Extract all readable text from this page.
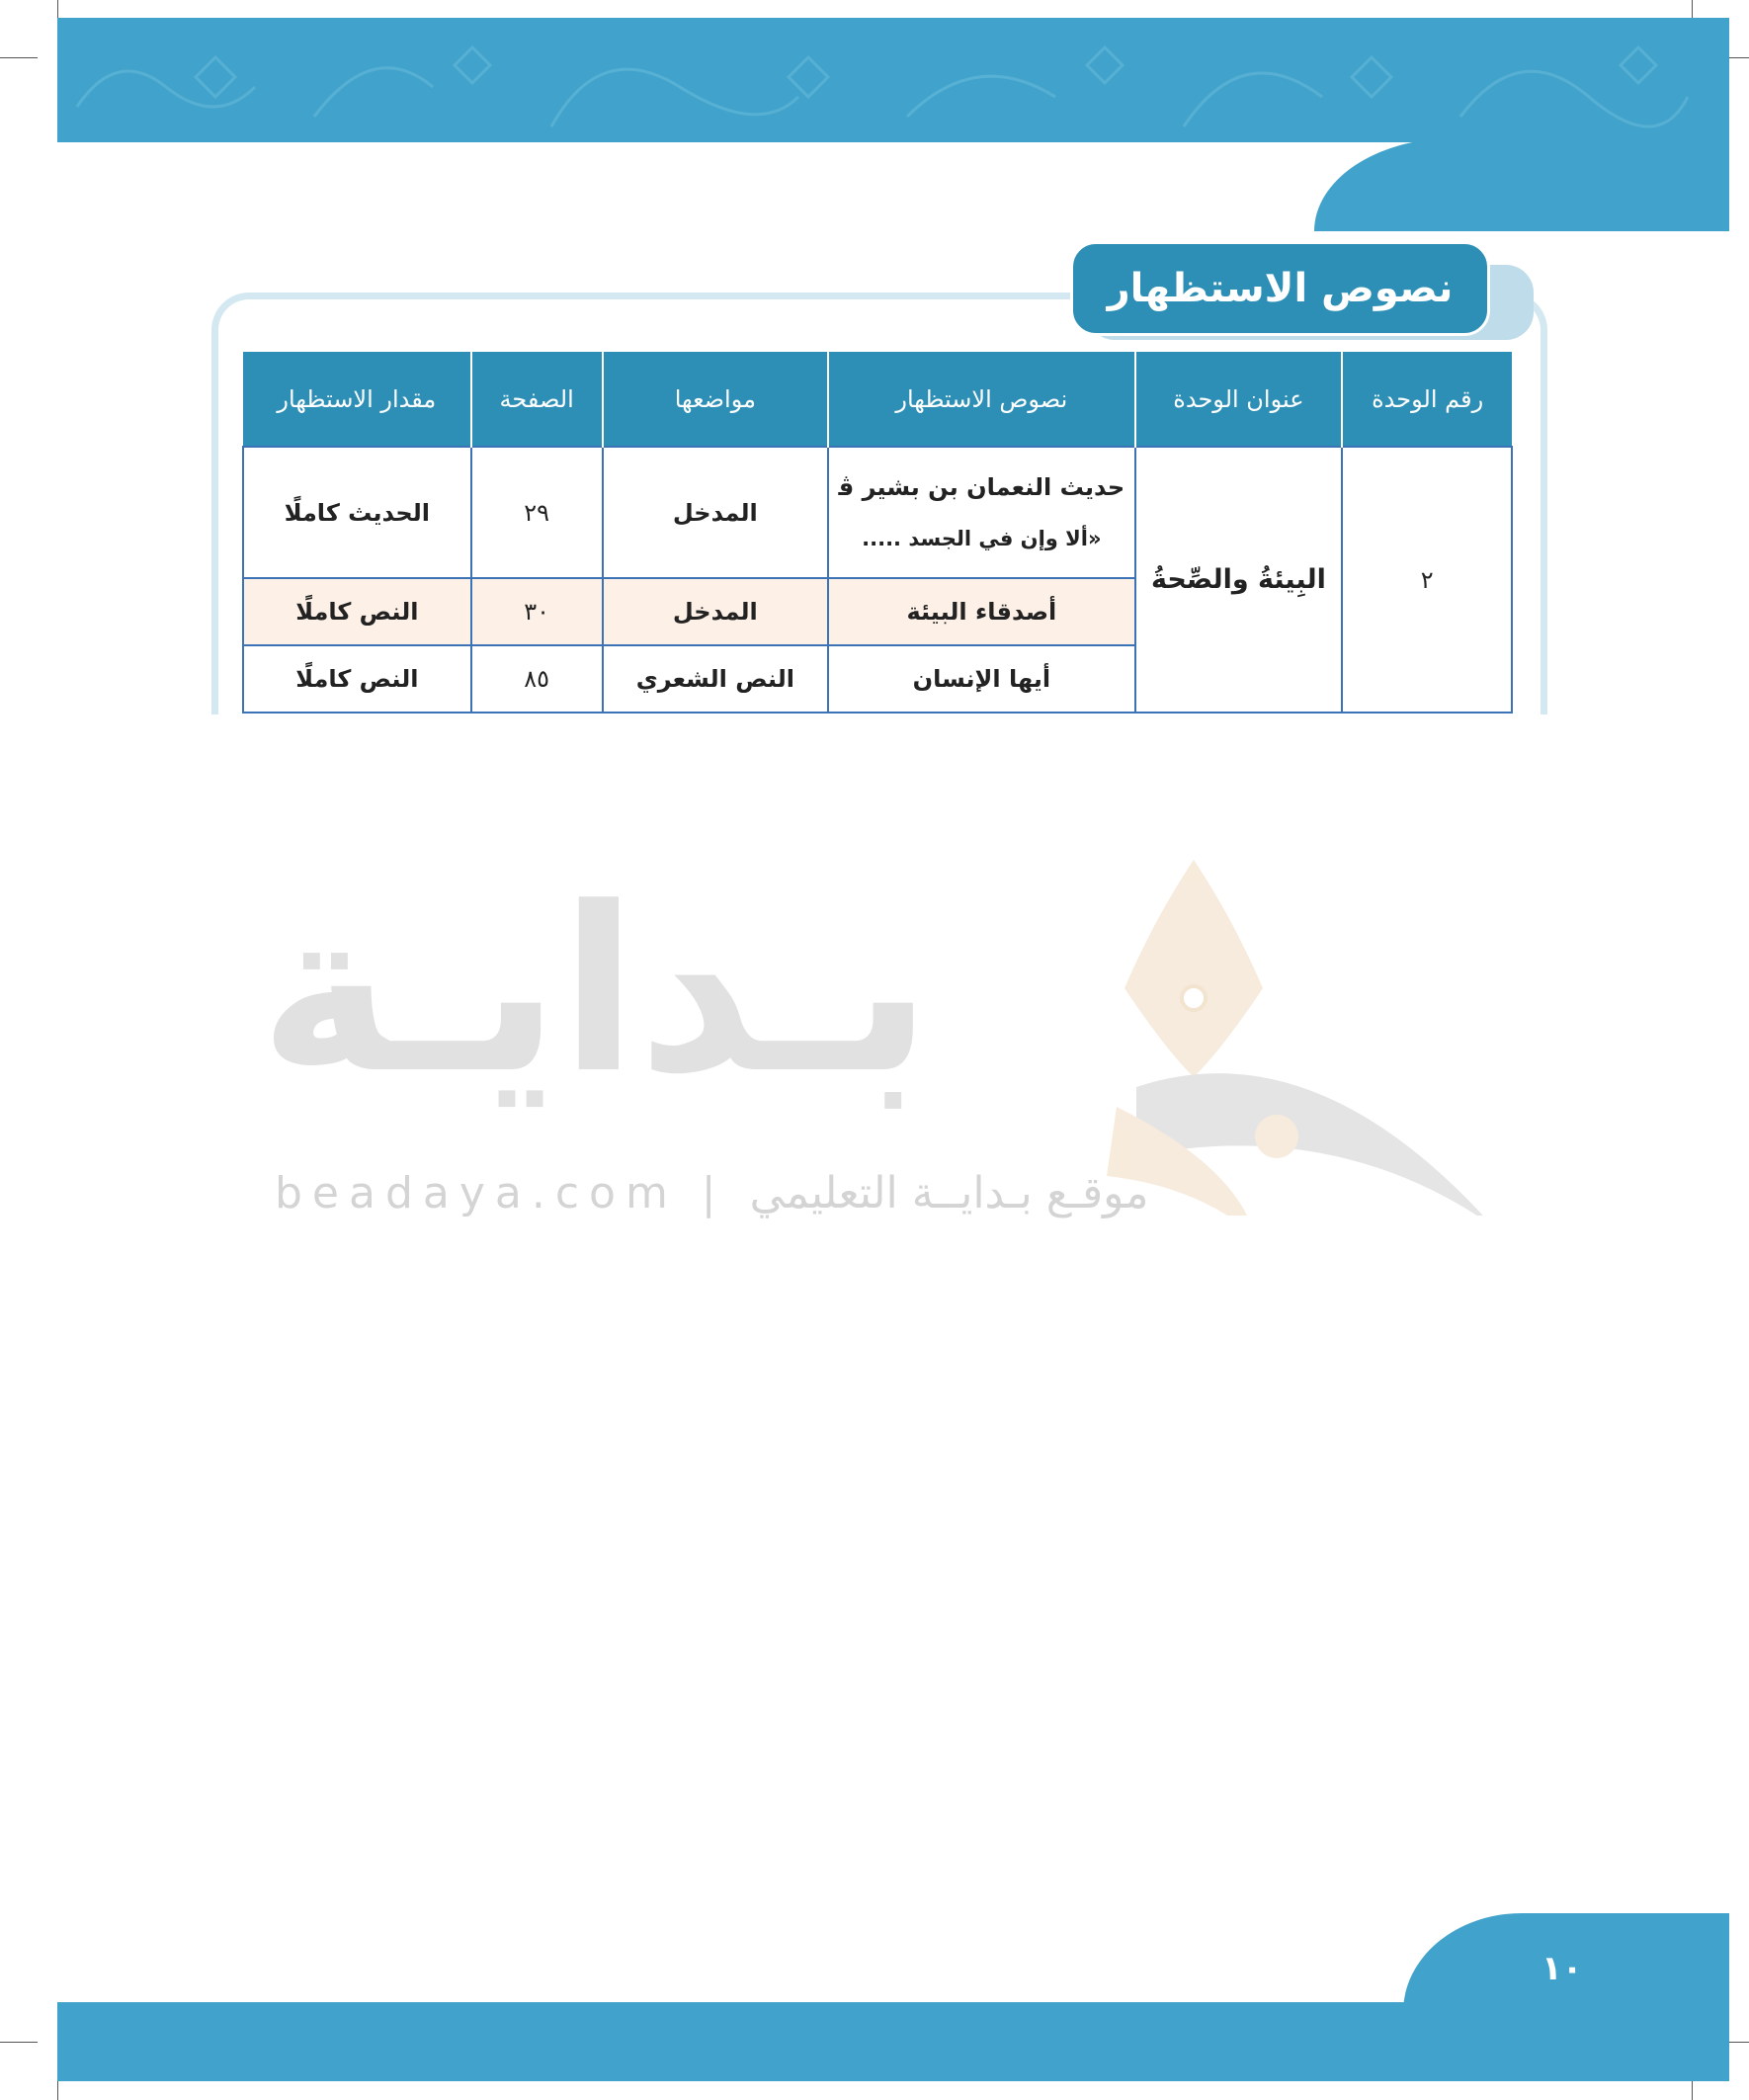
نصوص الاستظهار
رقم الوحدة	عنوان الوحدة	نصوص الاستظهار	مواضعها	الصفحة	مقدار الاستظهار
٢	البِيئةُ والصِّحةُ	حديث النعمان بن بشير ﭬ
«ألا وإن في الجسد .....	المدخل	٢٩	الحديث كاملًا
		أصدقاء البيئة	المدخل	٣٠	النص كاملًا
		أيها الإنسان	النص الشعري	٨٥	النص كاملًا
بـدايـة
beadaya.com | موقـع بـدايــة التعليمي
١٠
